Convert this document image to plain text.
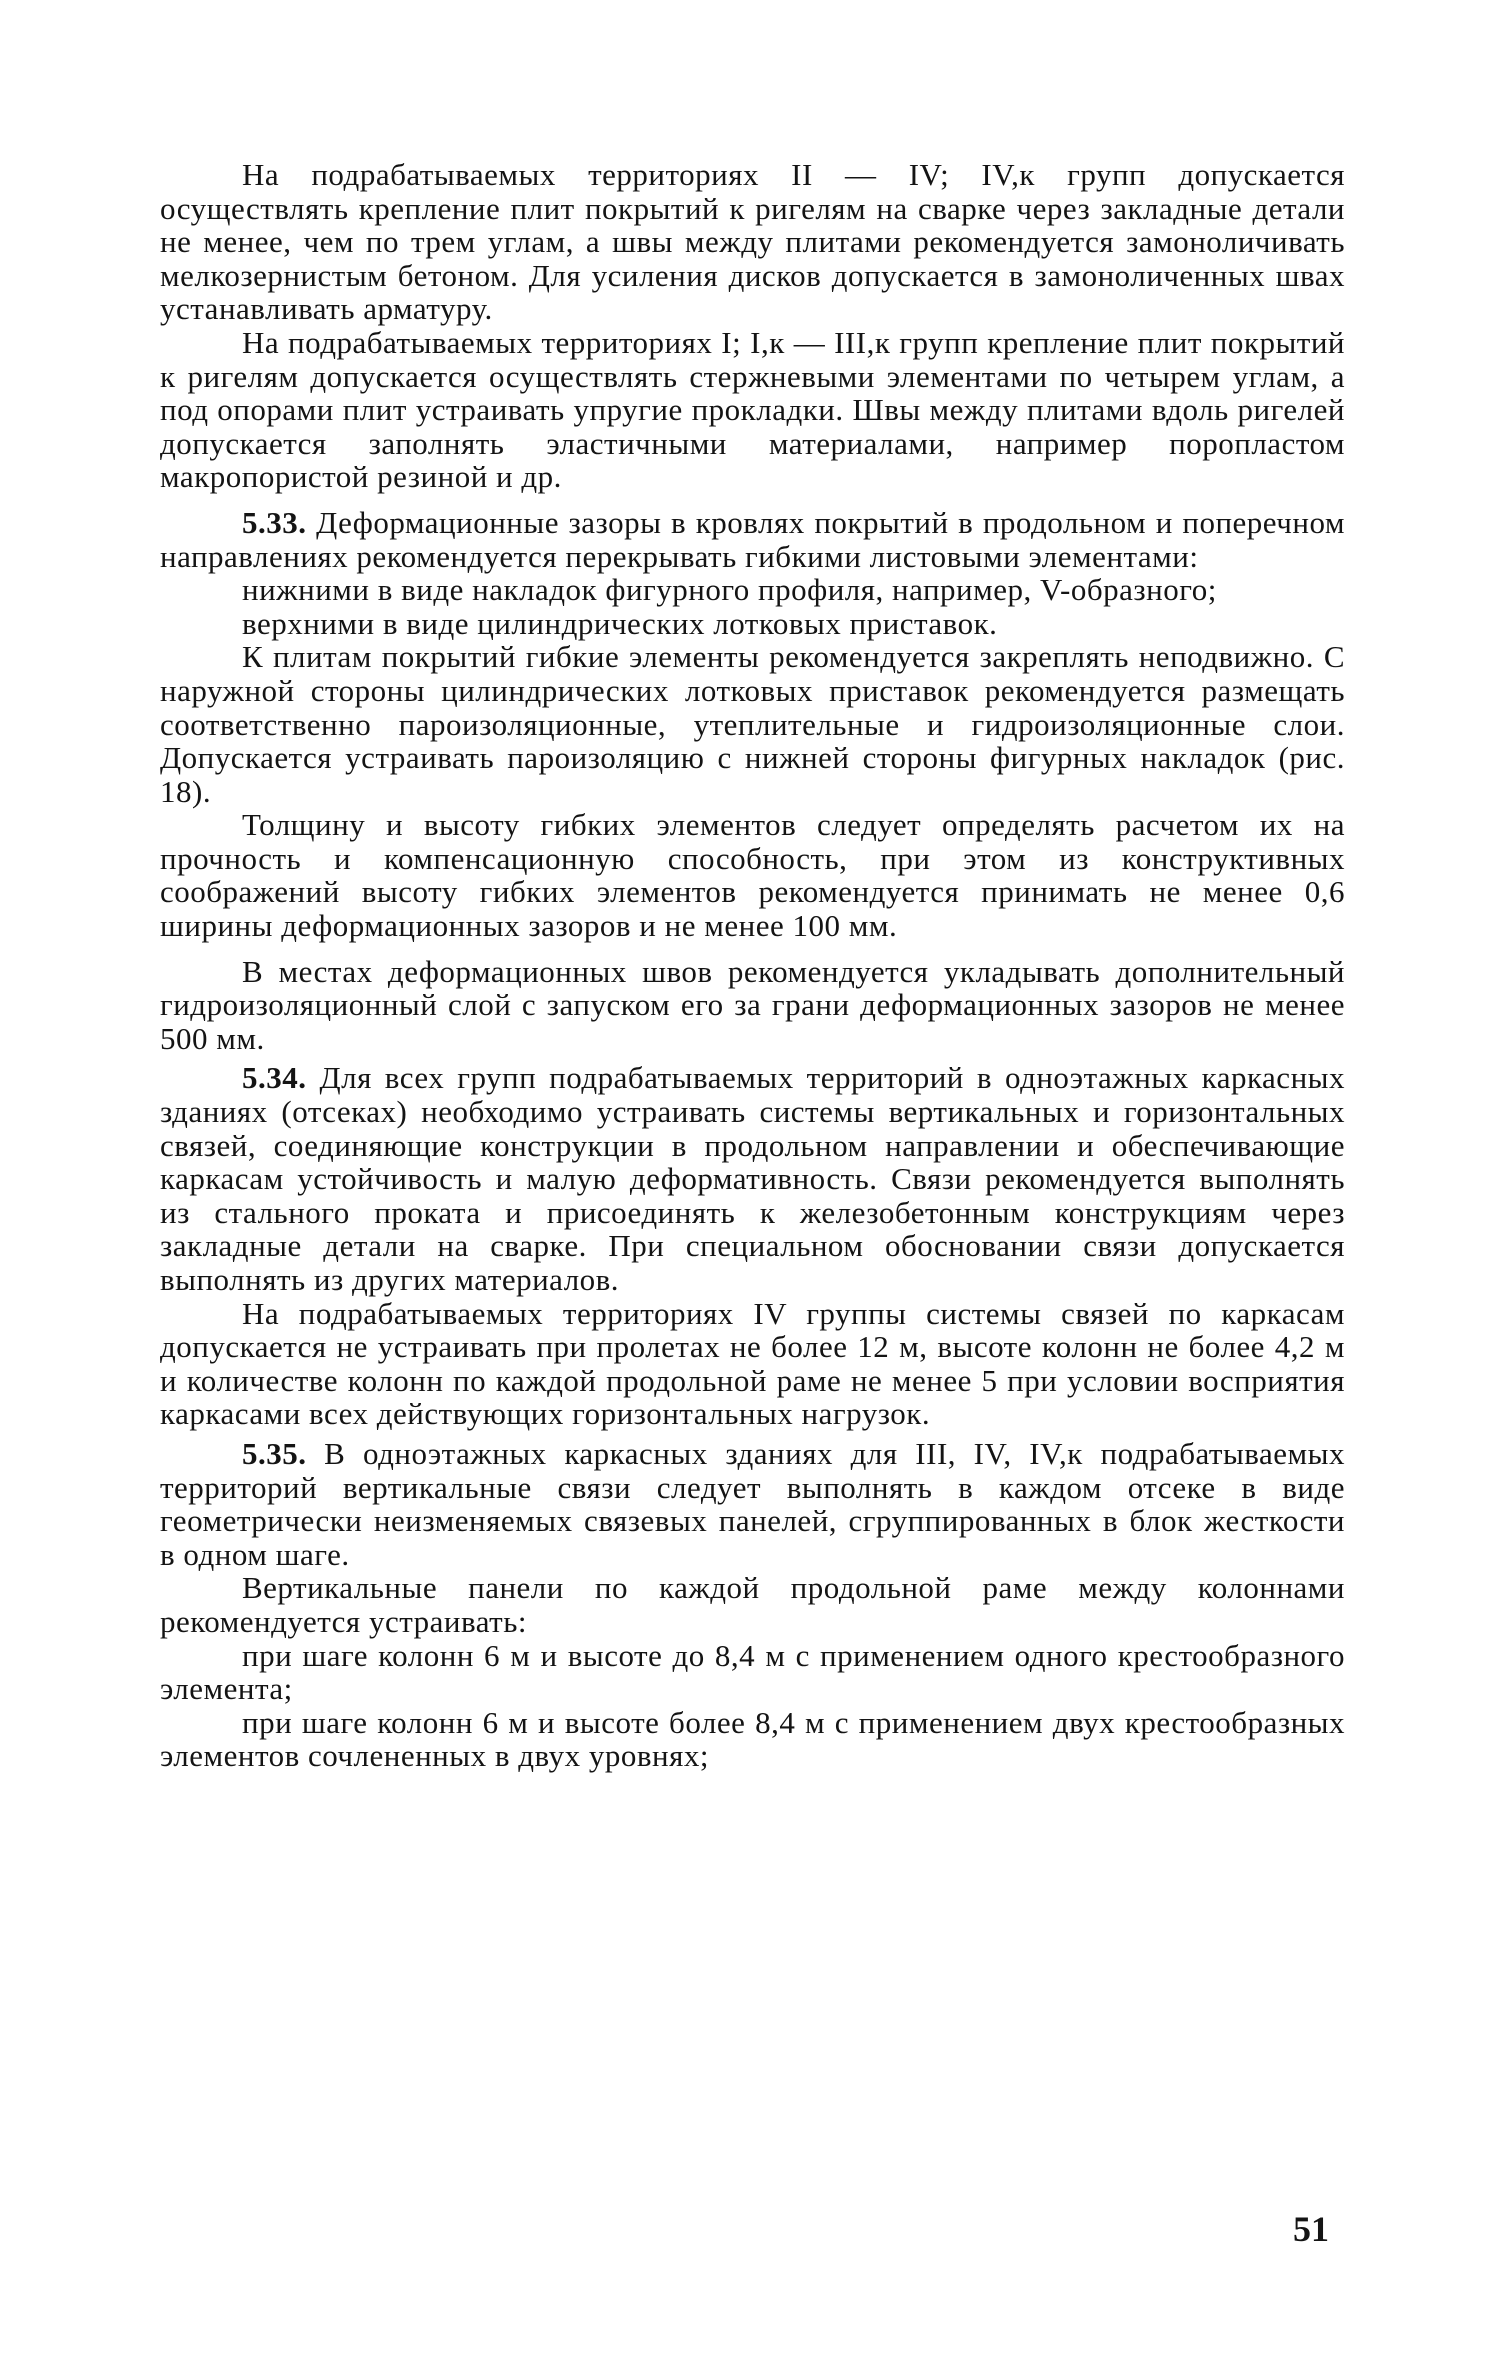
На подрабатываемых территориях II — IV; IV,к групп допускается осуществлять крепление плит покрытий к ригелям на сварке через закладные детали не менее, чем по трем углам, а швы между плитами рекомендуется замоноличивать мелкозернистым бетоном. Для усиления дисков допускается в замоноличенных швах устанавливать арматуру.

На подрабатываемых территориях I; I,к — III,к групп крепление плит покрытий к ригелям допускается осуществлять стержневыми элементами по четырем углам, а под опорами плит устраивать упругие прокладки. Швы между плитами вдоль ригелей допускается заполнять эластичными материалами, например поропластом макропористой резиной и др.

5.33. Деформационные зазоры в кровлях покрытий в продольном и поперечном направлениях рекомендуется перекрывать гибкими листовыми элементами:

нижними в виде накладок фигурного профиля, например, V-образного;

верхними в виде цилиндрических лотковых приставок.

К плитам покрытий гибкие элементы рекомендуется закреплять неподвижно. С наружной стороны цилиндрических лотковых приставок рекомендуется размещать соответственно пароизоляционные, утеплительные и гидроизоляционные слои. Допускается устраивать пароизоляцию с нижней стороны фигурных накладок (рис. 18).

Толщину и высоту гибких элементов следует определять расчетом их на прочность и компенсационную способность, при этом из конструктивных соображений высоту гибких элементов рекомендуется принимать не менее 0,6 ширины деформационных зазоров и не менее 100 мм.

В местах деформационных швов рекомендуется укладывать дополнительный гидроизоляционный слой с запуском его за грани деформационных зазоров не менее 500 мм.

5.34. Для всех групп подрабатываемых территорий в одноэтажных каркасных зданиях (отсеках) необходимо устраивать системы вертикальных и горизонтальных связей, соединяющие конструкции в продольном направлении и обеспечивающие каркасам устойчивость и малую деформативность. Связи рекомендуется выполнять из стального проката и присоединять к железобетонным конструкциям через закладные детали на сварке. При специальном обосновании связи допускается выполнять из других материалов.

На подрабатываемых территориях IV группы системы связей по каркасам допускается не устраивать при пролетах не более 12 м, высоте колонн не более 4,2 м и количестве колонн по каждой продольной раме не менее 5 при условии восприятия каркасами всех действующих горизонтальных нагрузок.

5.35. В одноэтажных каркасных зданиях для III, IV, IV,к подрабатываемых территорий вертикальные связи следует выполнять в каждом отсеке в виде геометрически неизменяемых связевых панелей, сгруппированных в блок жесткости в одном шаге.

Вертикальные панели по каждой продольной раме между колоннами рекомендуется устраивать:

при шаге колонн 6 м и высоте до 8,4 м с применением одного крестообразного элемента;

при шаге колонн 6 м и высоте более 8,4 м с применением двух крестообразных элементов сочлененных в двух уровнях;

51
